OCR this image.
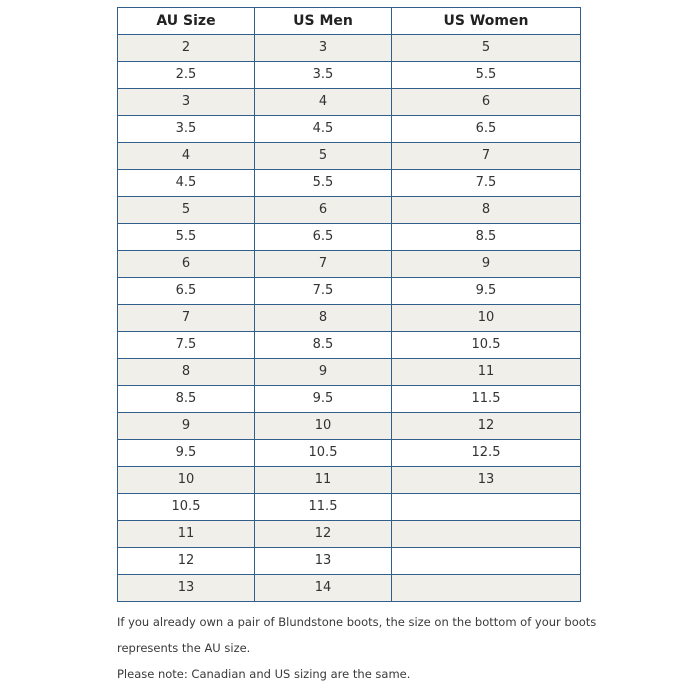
AU Size	US Men	US Women
2	3	5
2.5	3.5	5.5
3	4	6
3.5	4.5	6.5
4	5	7
4.5	5.5	7.5
5	6	8
5.5	6.5	8.5
6	7	9
6.5	7.5	9.5
7	8	10
7.5	8.5	10.5
8	9	11
8.5	9.5	11.5
9	10	12
9.5	10.5	12.5
10	11	13
10.5	11.5	
11	12	
12	13	
13	14	

If you already own a pair of Blundstone boots, the size on the bottom of your boots

represents the AU size.

Please note: Canadian and US sizing are the same.
